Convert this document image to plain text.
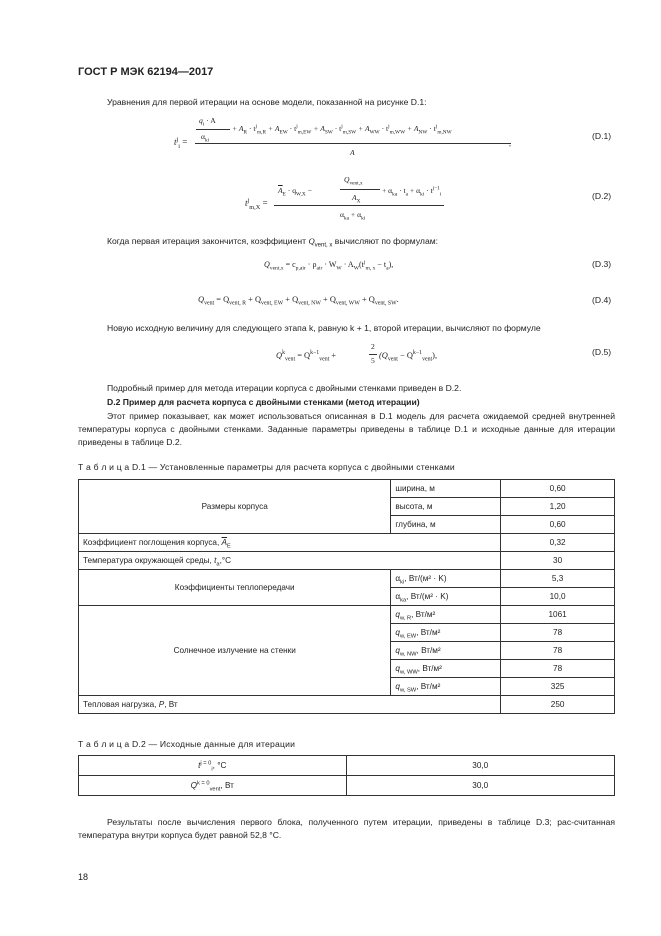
ГОСТ Р МЭК 62194—2017
Уравнения для первой итерации на основе модели, показанной на рисунке D.1:
$t^j_i$ =
$q_i \cdot A$
$\alpha_{ki}$
+ $A_R \cdot t^j_{m,R} + A_{EW} \cdot t^j_{m,EW} + A_{SW} \cdot t^j_{m,SW} + A_{WW} \cdot t^j_{m,WW} + A_{NW} \cdot t^j_{m,NW}$
,
A
(D.1)
$t^j_{m,X}$ =
$\overline{A}_E \cdot q_{W,X}$ −
$Q_{vent,x}$
$A_X$
+ $\alpha_{ka} \cdot t_a + \alpha_{ki} \cdot t^{j-1}_i$
$\alpha_{ka} + \alpha_{ki}$
(D.2)
Когда первая итерация закончится, коэффициент $Q_{vent, x}$ вычисляют по формулам:
$Q_{vent,x} = c_{p,air} \cdot \rho_{air} \cdot W_W \cdot A_W(t^j_{m, x} - t_a)$,	(D.3)
$Q_{vent} = Q_{vent, R} + Q_{vent, EW} + Q_{vent, NW} + Q_{vent, WW} + Q_{vent, SW}$.	(D.4)
Новую исходную величину для следующего этапа k, равную k + 1, второй итерации, вычисляют по формуле
$Q^k_{vent} = Q^{k-1}_{vent}$ +
2
5
$(Q_{vent} - Q^{k-1}_{vent})$,	(D.5)
Подробный пример для метода итерации корпуса с двойными стенками приведен в D.2.
D.2 Пример для расчета корпуса с двойными стенками (метод итерации)
Этот пример показывает, как может использоваться описанная в D.1 модель для расчета ожидаемой средней внутренней температуры корпуса с двойными стенками. Заданные параметры приведены в таблице D.1 и исходные данные для итерации приведены в таблице D.2.
Т а б л и ц а D.1 — Установленные параметры для расчета корпуса с двойными стенками
Размеры корпуса	ширина, м	0,60
	высота, м	1,20
	глубина, м	0,60
Коэффициент поглощения корпуса, $\overline{A}_E$		0,32
Температура окружающей среды, $t_a,^\circ C$		30
Коэффициенты теплопередачи	$\alpha_{ki}$, Вт/(м² · K)	5,3
	$\alpha_{ka}$, Вт/(м² · K)	10,0
Солнечное излучение на стенки	$q_{w, R}$, Вт/м²	1061
	$q_{w, EW}$, Вт/м²	78
	$q_{w, NW}$, Вт/м²	78
	$q_{w, WW}$, Вт/м²	78
	$q_{w, SW}$, Вт/м²	325
Тепловая нагрузка, P, Вт		250
Т а б л и ц а D.2 — Исходные данные для итерации
$t^{j = 0}_i$, °C	30,0
$Q^{k = 0}_{vent}$, Вт	30,0
Результаты после вычисления первого блока, полученного путем итерации, приведены в таблице D.3; рас-считанная температура внутри корпуса будет равной 52,8 °C.
18
